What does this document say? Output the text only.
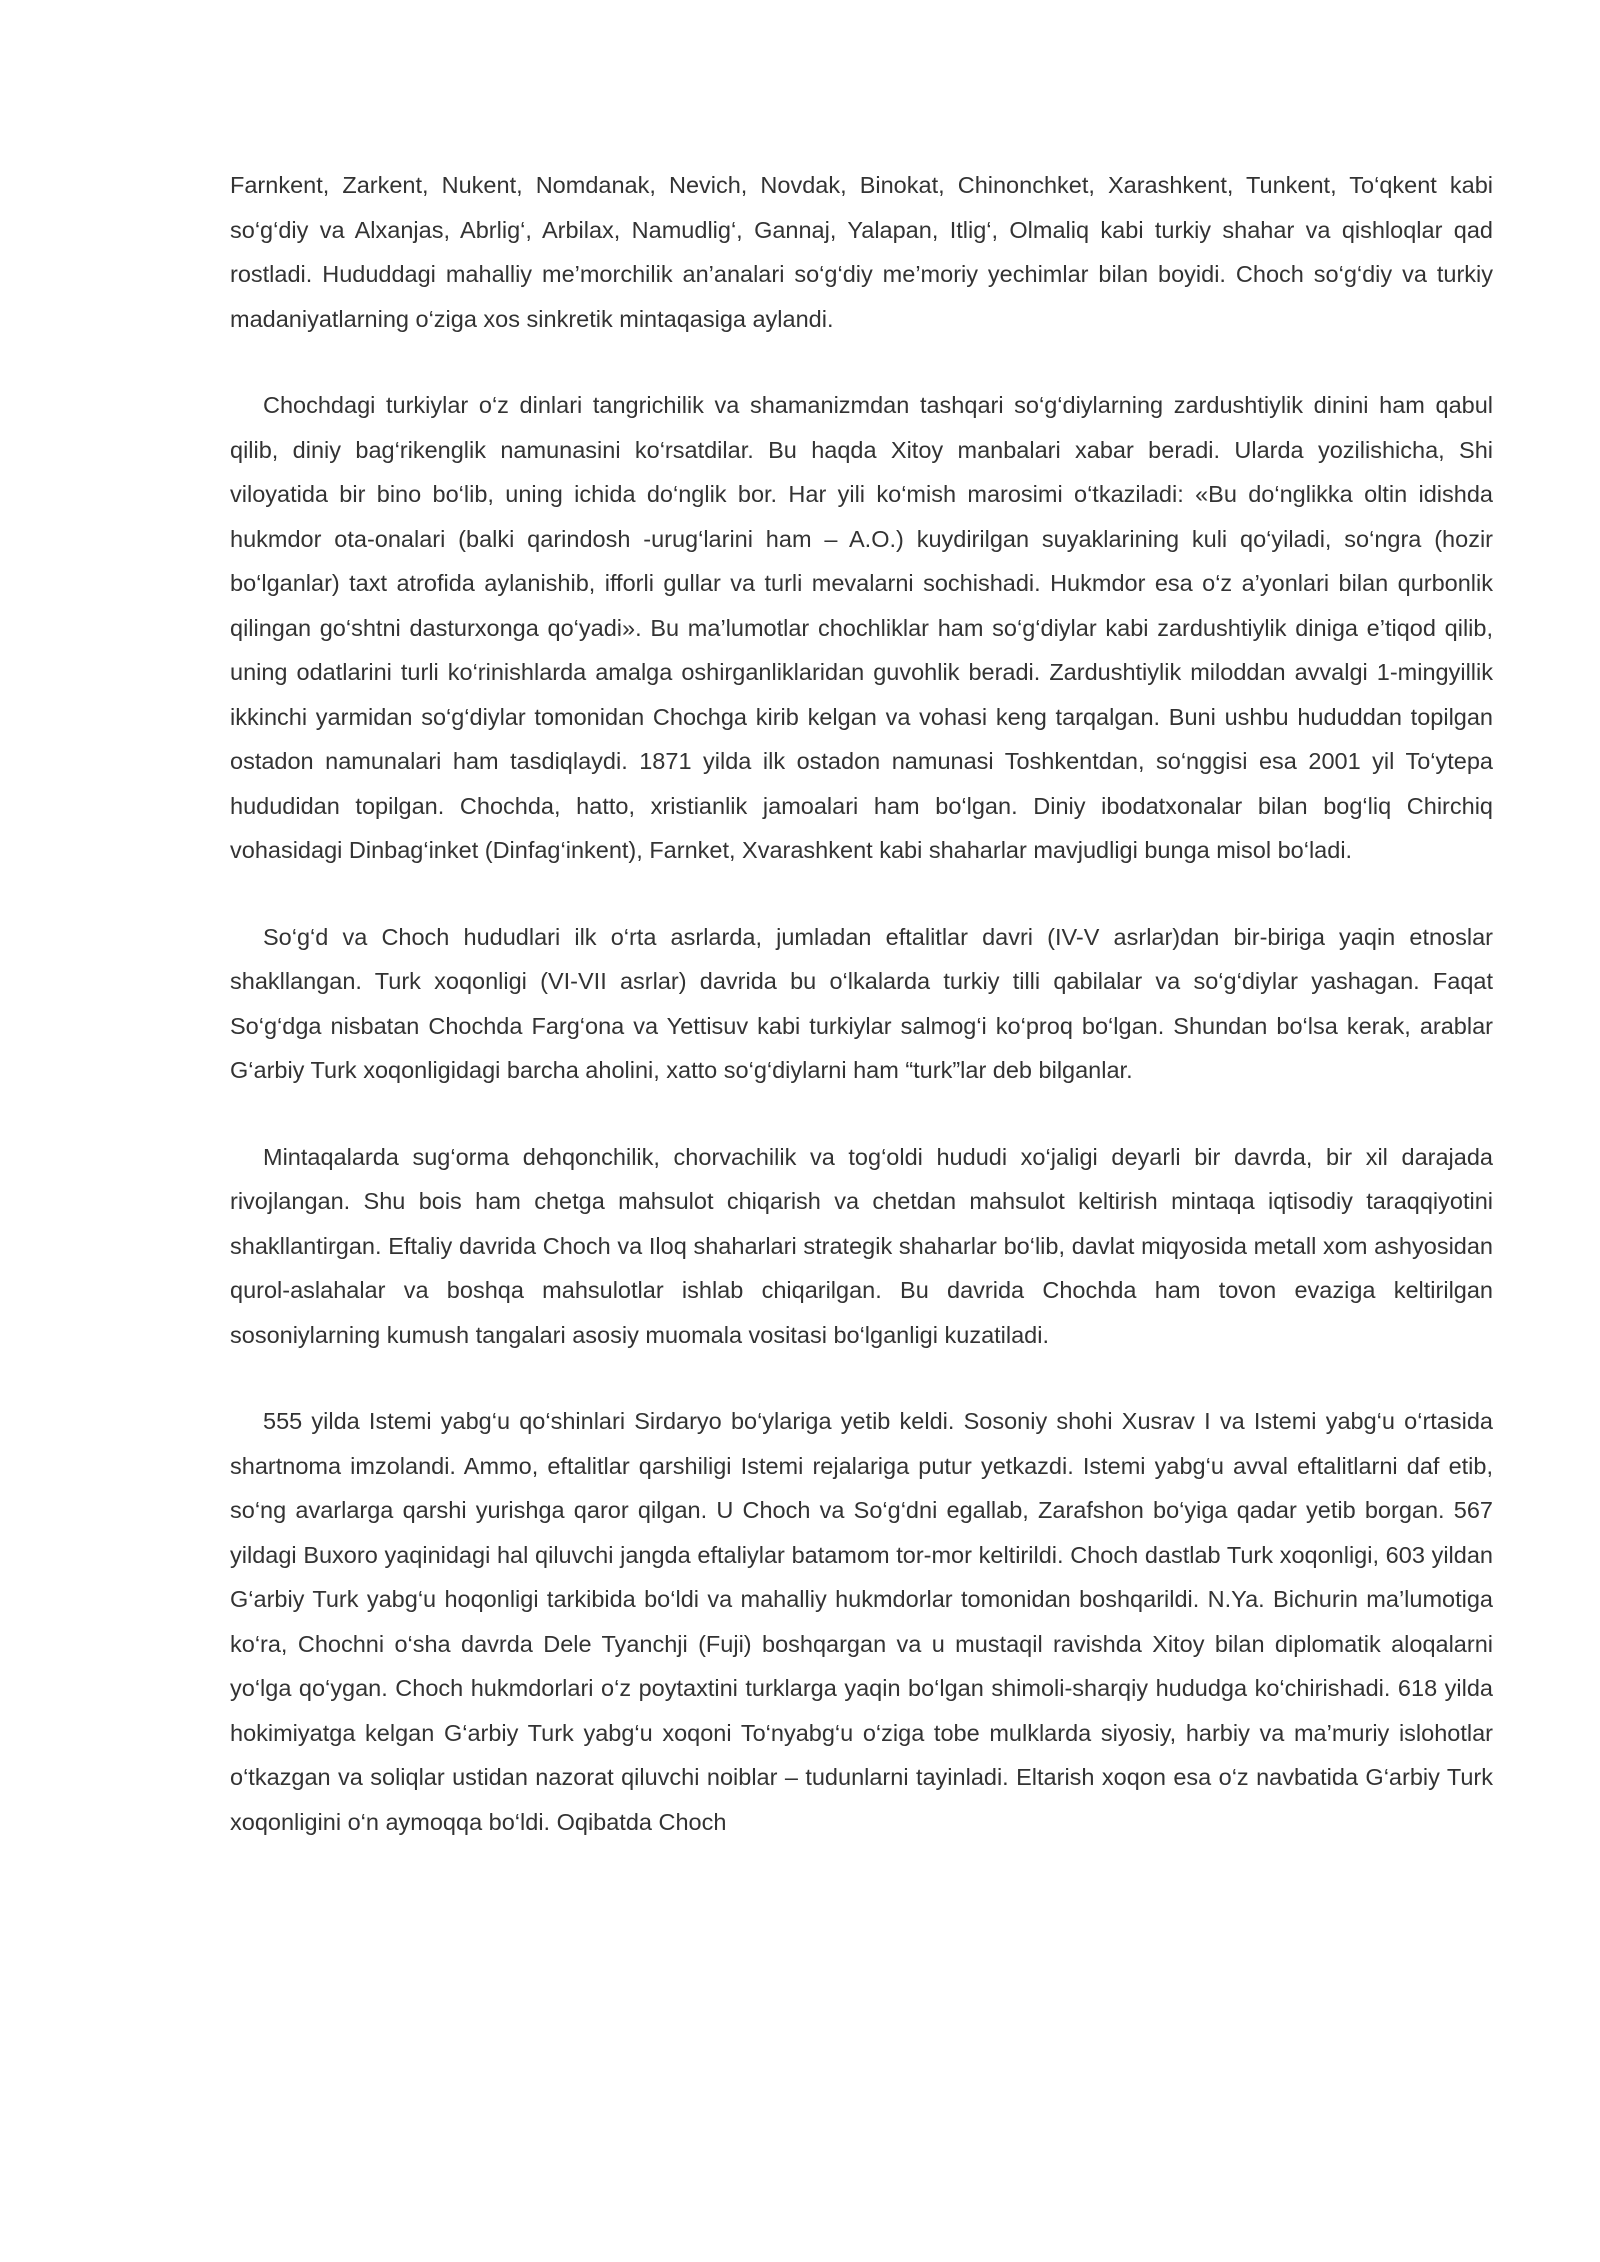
Farnkent, Zarkent, Nukent, Nomdanak, Nevich, Novdak, Binokat, Chinonchket, Xarashkent, Tunkent, To‘qkent kabi so‘g‘diy va Alxanjas, Abrlig‘, Arbilax, Namudlig‘, Gannaj, Yalapan, Itlig‘, Olmaliq kabi turkiy shahar va qishloqlar qad rostladi. Hududdagi mahalliy me’morchilik an’analari so‘g‘diy me’moriy yechimlar bilan boyidi. Choch so‘g‘diy va turkiy madaniyatlarning o‘ziga xos sinkretik mintaqasiga aylandi.

Chochdagi turkiylar o‘z dinlari tangrichilik va shamanizmdan tashqari so‘g‘diylarning zardushtiylik dinini ham qabul qilib, diniy bag‘rikenglik namunasini ko‘rsatdilar. Bu haqda Xitoy manbalari xabar beradi. Ularda yozilishicha, Shi viloyatida bir bino bo‘lib, uning ichida do‘nglik bor. Har yili ko‘mish marosimi o‘tkaziladi: «Bu do‘nglikka oltin idishda hukmdor ota-onalari (balki qarindosh -urug‘larini ham – A.O.) kuydirilgan suyaklarining kuli qo‘yiladi, so‘ngra (hozir bo‘lganlar) taxt atrofida aylanishib, ifforli gullar va turli mevalarni sochishadi. Hukmdor esa o‘z a’yonlari bilan qurbonlik qilingan go‘shtni dasturxonga qo‘yadi». Bu ma’lumotlar chochliklar ham so‘g‘diylar kabi zardushtiylik diniga e’tiqod qilib, uning odatlarini turli ko‘rinishlarda amalga oshirganliklaridan guvohlik beradi. Zardushtiylik miloddan avvalgi 1-mingyillik ikkinchi yarmidan so‘g‘diylar tomonidan Chochga kirib kelgan va vohasi keng tarqalgan. Buni ushbu hududdan topilgan ostadon namunalari ham tasdiqlaydi. 1871 yilda ilk ostadon namunasi Toshkentdan, so‘nggisi esa 2001 yil To‘ytepa hududidan topilgan. Chochda, hatto, xristianlik jamoalari ham bo‘lgan. Diniy ibodatxonalar bilan bog‘liq Chirchiq vohasidagi Dinbag‘inket (Dinfag‘inkent), Farnket, Xvarashkent kabi shaharlar mavjudligi bunga misol bo‘ladi.

So‘g‘d va Choch hududlari ilk o‘rta asrlarda, jumladan eftalitlar davri (IV-V asrlar)dan bir-biriga yaqin etnoslar shakllangan. Turk xoqonligi (VI-VII asrlar) davrida bu o‘lkalarda turkiy tilli qabilalar va so‘g‘diylar yashagan. Faqat So‘g‘dga nisbatan Chochda Farg‘ona va Yettisuv kabi turkiylar salmog‘i ko‘proq bo‘lgan. Shundan bo‘lsa kerak, arablar G‘arbiy Turk xoqonligidagi barcha aholini, xatto so‘g‘diylarni ham “turk”lar deb bilganlar.

Mintaqalarda sug‘orma dehqonchilik, chorvachilik va tog‘oldi hududi xo‘jaligi deyarli bir davrda, bir xil darajada rivojlangan. Shu bois ham chetga mahsulot chiqarish va chetdan mahsulot keltirish mintaqa iqtisodiy taraqqiyotini shakllantirgan. Eftaliy davrida Choch va Iloq shaharlari strategik shaharlar bo‘lib, davlat miqyosida metall xom ashyosidan qurol-aslahalar va boshqa mahsulotlar ishlab chiqarilgan. Bu davrida Chochda ham tovon evaziga keltirilgan sosoniylarning kumush tangalari asosiy muomala vositasi bo‘lganligi kuzatiladi.

555 yilda Istemi yabg‘u qo‘shinlari Sirdaryo bo‘ylariga yetib keldi. Sosoniy shohi Xusrav I va Istemi yabg‘u o‘rtasida shartnoma imzolandi. Ammo, eftalitlar qarshiligi Istemi rejalariga putur yetkazdi. Istemi yabg‘u avval eftalitlarni daf etib, so‘ng avarlarga qarshi yurishga qaror qilgan. U Choch va So‘g‘dni egallab, Zarafshon bo‘yiga qadar yetib borgan. 567 yildagi Buxoro yaqinidagi hal qiluvchi jangda eftaliylar batamom tor-mor keltirildi. Choch dastlab Turk xoqonligi, 603 yildan G‘arbiy Turk yabg‘u hoqonligi tarkibida bo‘ldi va mahalliy hukmdorlar tomonidan boshqarildi. N.Ya. Bichurin ma’lumotiga ko‘ra, Chochni o‘sha davrda Dele Tyanchji (Fuji) boshqargan va u mustaqil ravishda Xitoy bilan diplomatik aloqalarni yo‘lga qo‘ygan. Choch hukmdorlari o‘z poytaxtini turklarga yaqin bo‘lgan shimoli-sharqiy hududga ko‘chirishadi. 618 yilda hokimiyatga kelgan G‘arbiy Turk yabg‘u xoqoni To‘nyabg‘u o‘ziga tobe mulklarda siyosiy, harbiy va ma’muriy islohotlar o‘tkazgan va soliqlar ustidan nazorat qiluvchi noiblar – tudunlarni tayinladi. Eltarish xoqon esa o‘z navbatida G‘arbiy Turk xoqonligini o‘n aymoqqa bo‘ldi. Oqibatda Choch
